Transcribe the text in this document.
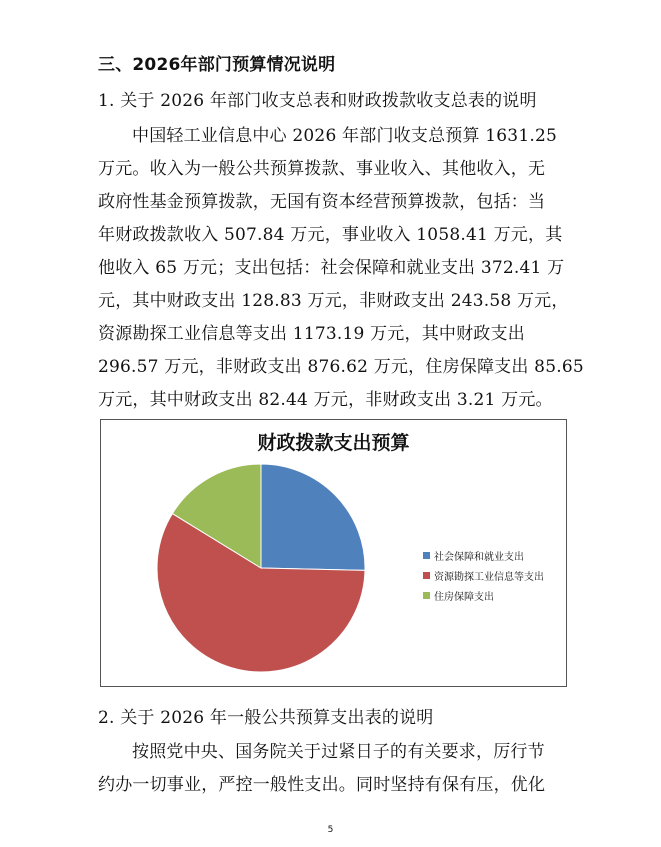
三、2026年部门预算情况说明
1. 关于 2026 年部门收支总表和财政拨款收支总表的说明
中国轻工业信息中心 2026 年部门收支总预算 1631.25
万元。收入为一般公共预算拨款、事业收入、其他收入，无
政府性基金预算拨款，无国有资本经营预算拨款，包括：当
年财政拨款收入 507.84 万元，事业收入 1058.41 万元，其
他收入 65 万元；支出包括：社会保障和就业支出 372.41 万
元，其中财政支出 128.83 万元，非财政支出 243.58 万元，
资源勘探工业信息等支出 1173.19 万元，其中财政支出
296.57 万元，非财政支出 876.62 万元，住房保障支出 85.65
万元，其中财政支出 82.44 万元，非财政支出 3.21 万元。
财政拨款支出预算
社会保障和就业支出
资源勘探工业信息等支出
住房保障支出
2. 关于 2026 年一般公共预算支出表的说明
按照党中央、国务院关于过紧日子的有关要求，厉行节
约办一切事业，严控一般性支出。同时坚持有保有压，优化
5
